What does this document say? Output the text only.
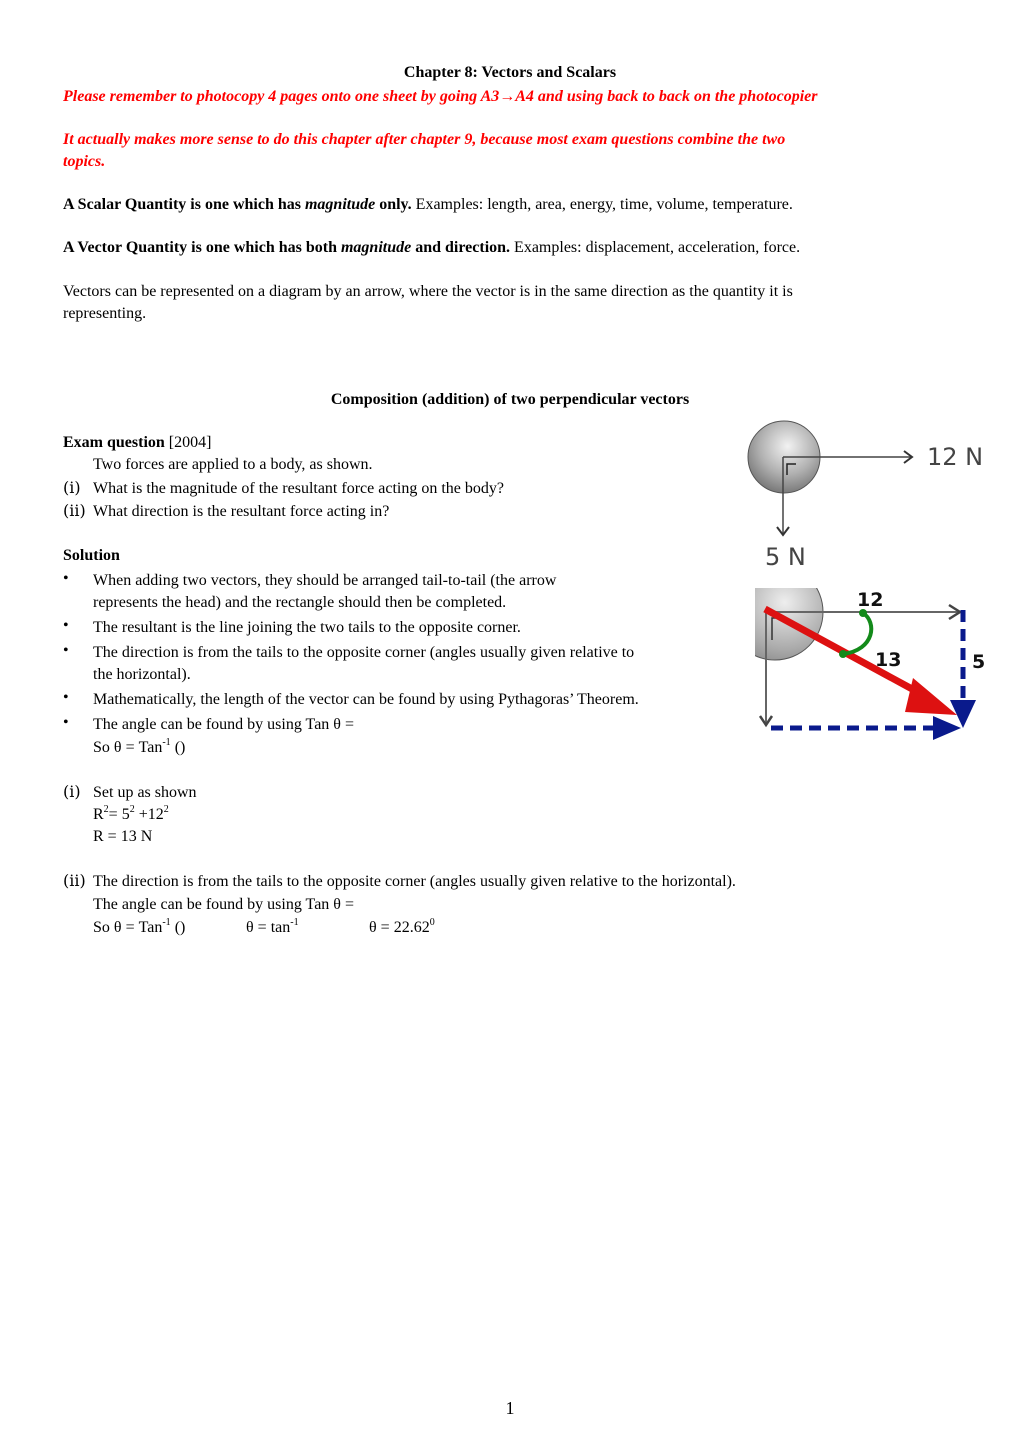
Chapter 8: Vectors and Scalars
Please remember to photocopy 4 pages onto one sheet by going A3→A4 and using back to back on the photocopier
It actually makes more sense to do this chapter after chapter 9, because most exam questions combine the two
topics.
A Scalar Quantity is one which has magnitude only. Examples: length, area, energy, time, volume, temperature.
A Vector Quantity is one which has both magnitude and direction. Examples: displacement, acceleration, force.
Vectors can be represented on a diagram by an arrow, where the vector is in the same direction as the quantity it is
representing.
Composition (addition) of two perpendicular vectors
Exam question [2004]
Two forces are applied to a body, as shown.
(i) What is the magnitude of the resultant force acting on the body?
(ii) What direction is the resultant force acting in?
Solution
• When adding two vectors, they should be arranged tail-to-tail (the arrow
represents the head) and the rectangle should then be completed.
• The resultant is the line joining the two tails to the opposite corner.
• The direction is from the tails to the opposite corner (angles usually given relative to
the horizontal).
• Mathematically, the length of the vector can be found by using Pythagoras’ Theorem.
• The angle can be found by using Tan θ =
So θ = Tan$^{-1}$ ()
(i) Set up as shown
$R^2= 5^2 +12^2$
R = 13 N
(ii) The direction is from the tails to the opposite corner (angles usually given relative to the horizontal).
The angle can be found by using Tan θ =
So θ = Tan$^{-1}$ ()	$\theta = \tan^{-1}$	$\theta = 22.62^0$
12 N
5 N
12
13	5
1
